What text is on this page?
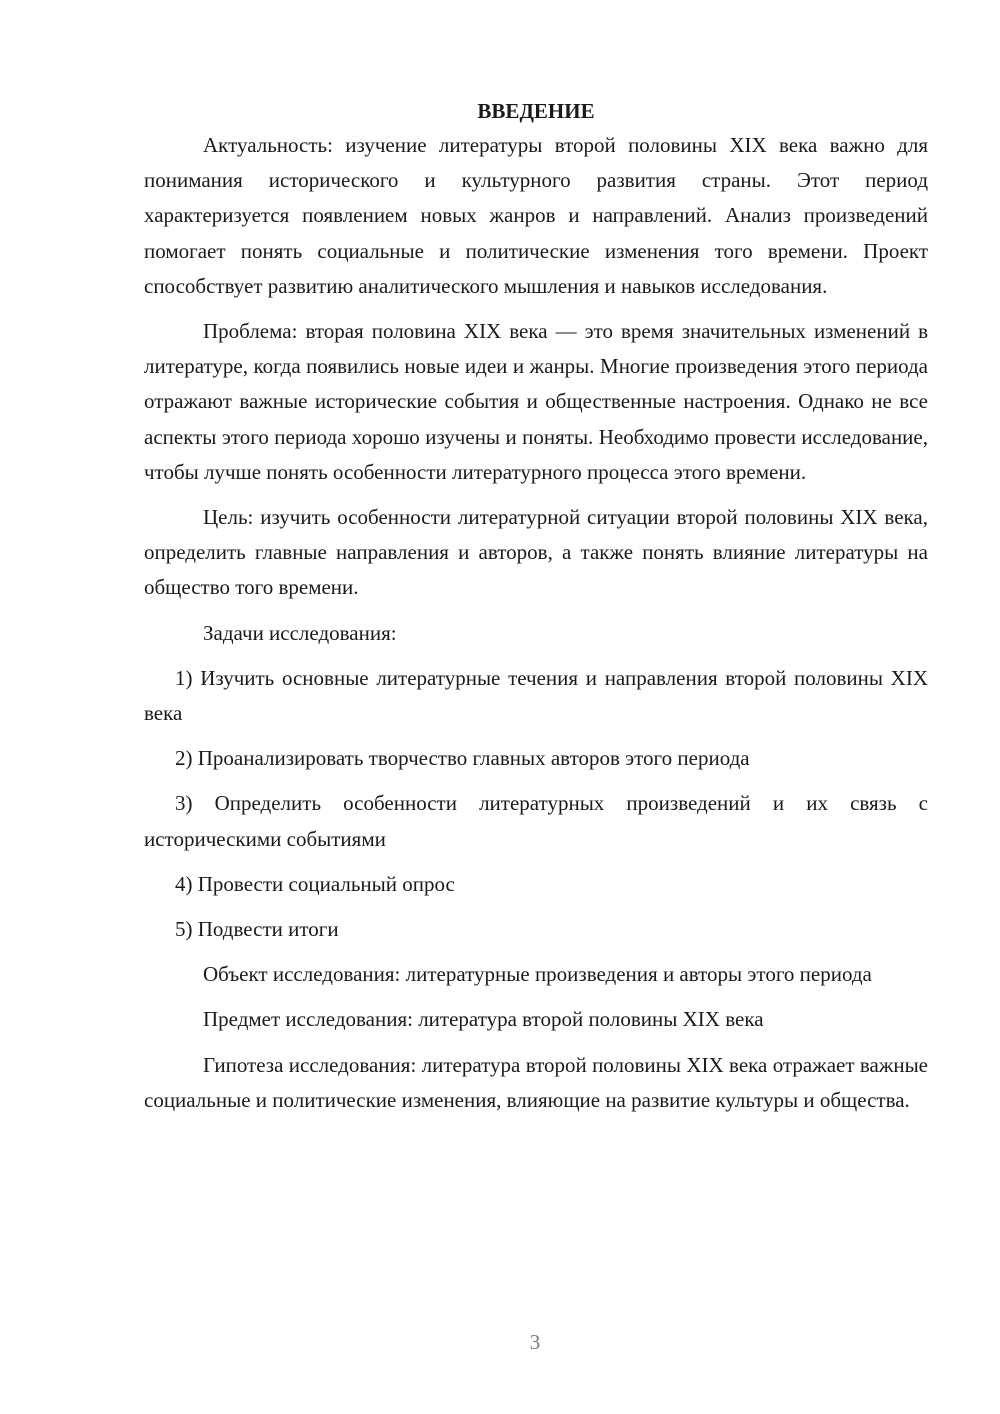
ВВЕДЕНИЕ

Актуальность: изучение литературы второй половины XIX века важно для понимания исторического и культурного развития страны. Этот период характеризуется появлением новых жанров и направлений. Анализ произведений помогает понять социальные и политические изменения того времени. Проект способствует развитию аналитического мышления и навыков исследования.

Проблема: вторая половина XIX века — это время значительных изменений в литературе, когда появились новые идеи и жанры. Многие произведения этого периода отражают важные исторические события и общественные настроения. Однако не все аспекты этого периода хорошо изучены и поняты. Необходимо провести исследование, чтобы лучше понять особенности литературного процесса этого времени.

Цель: изучить особенности литературной ситуации второй половины XIX века, определить главные направления и авторов, а также понять влияние литературы на общество того времени.

Задачи исследования:

1) Изучить основные литературные течения и направления второй половины XIX века

2) Проанализировать творчество главных авторов этого периода

3) Определить особенности литературных произведений и их связь с историческими событиями

4) Провести социальный опрос

5) Подвести итоги

Объект исследования: литературные произведения и авторы этого периода

Предмет исследования: литература второй половины XIX века

Гипотеза исследования: литература второй половины XIX века отражает важные социальные и политические изменения, влияющие на развитие культуры и общества.

3
